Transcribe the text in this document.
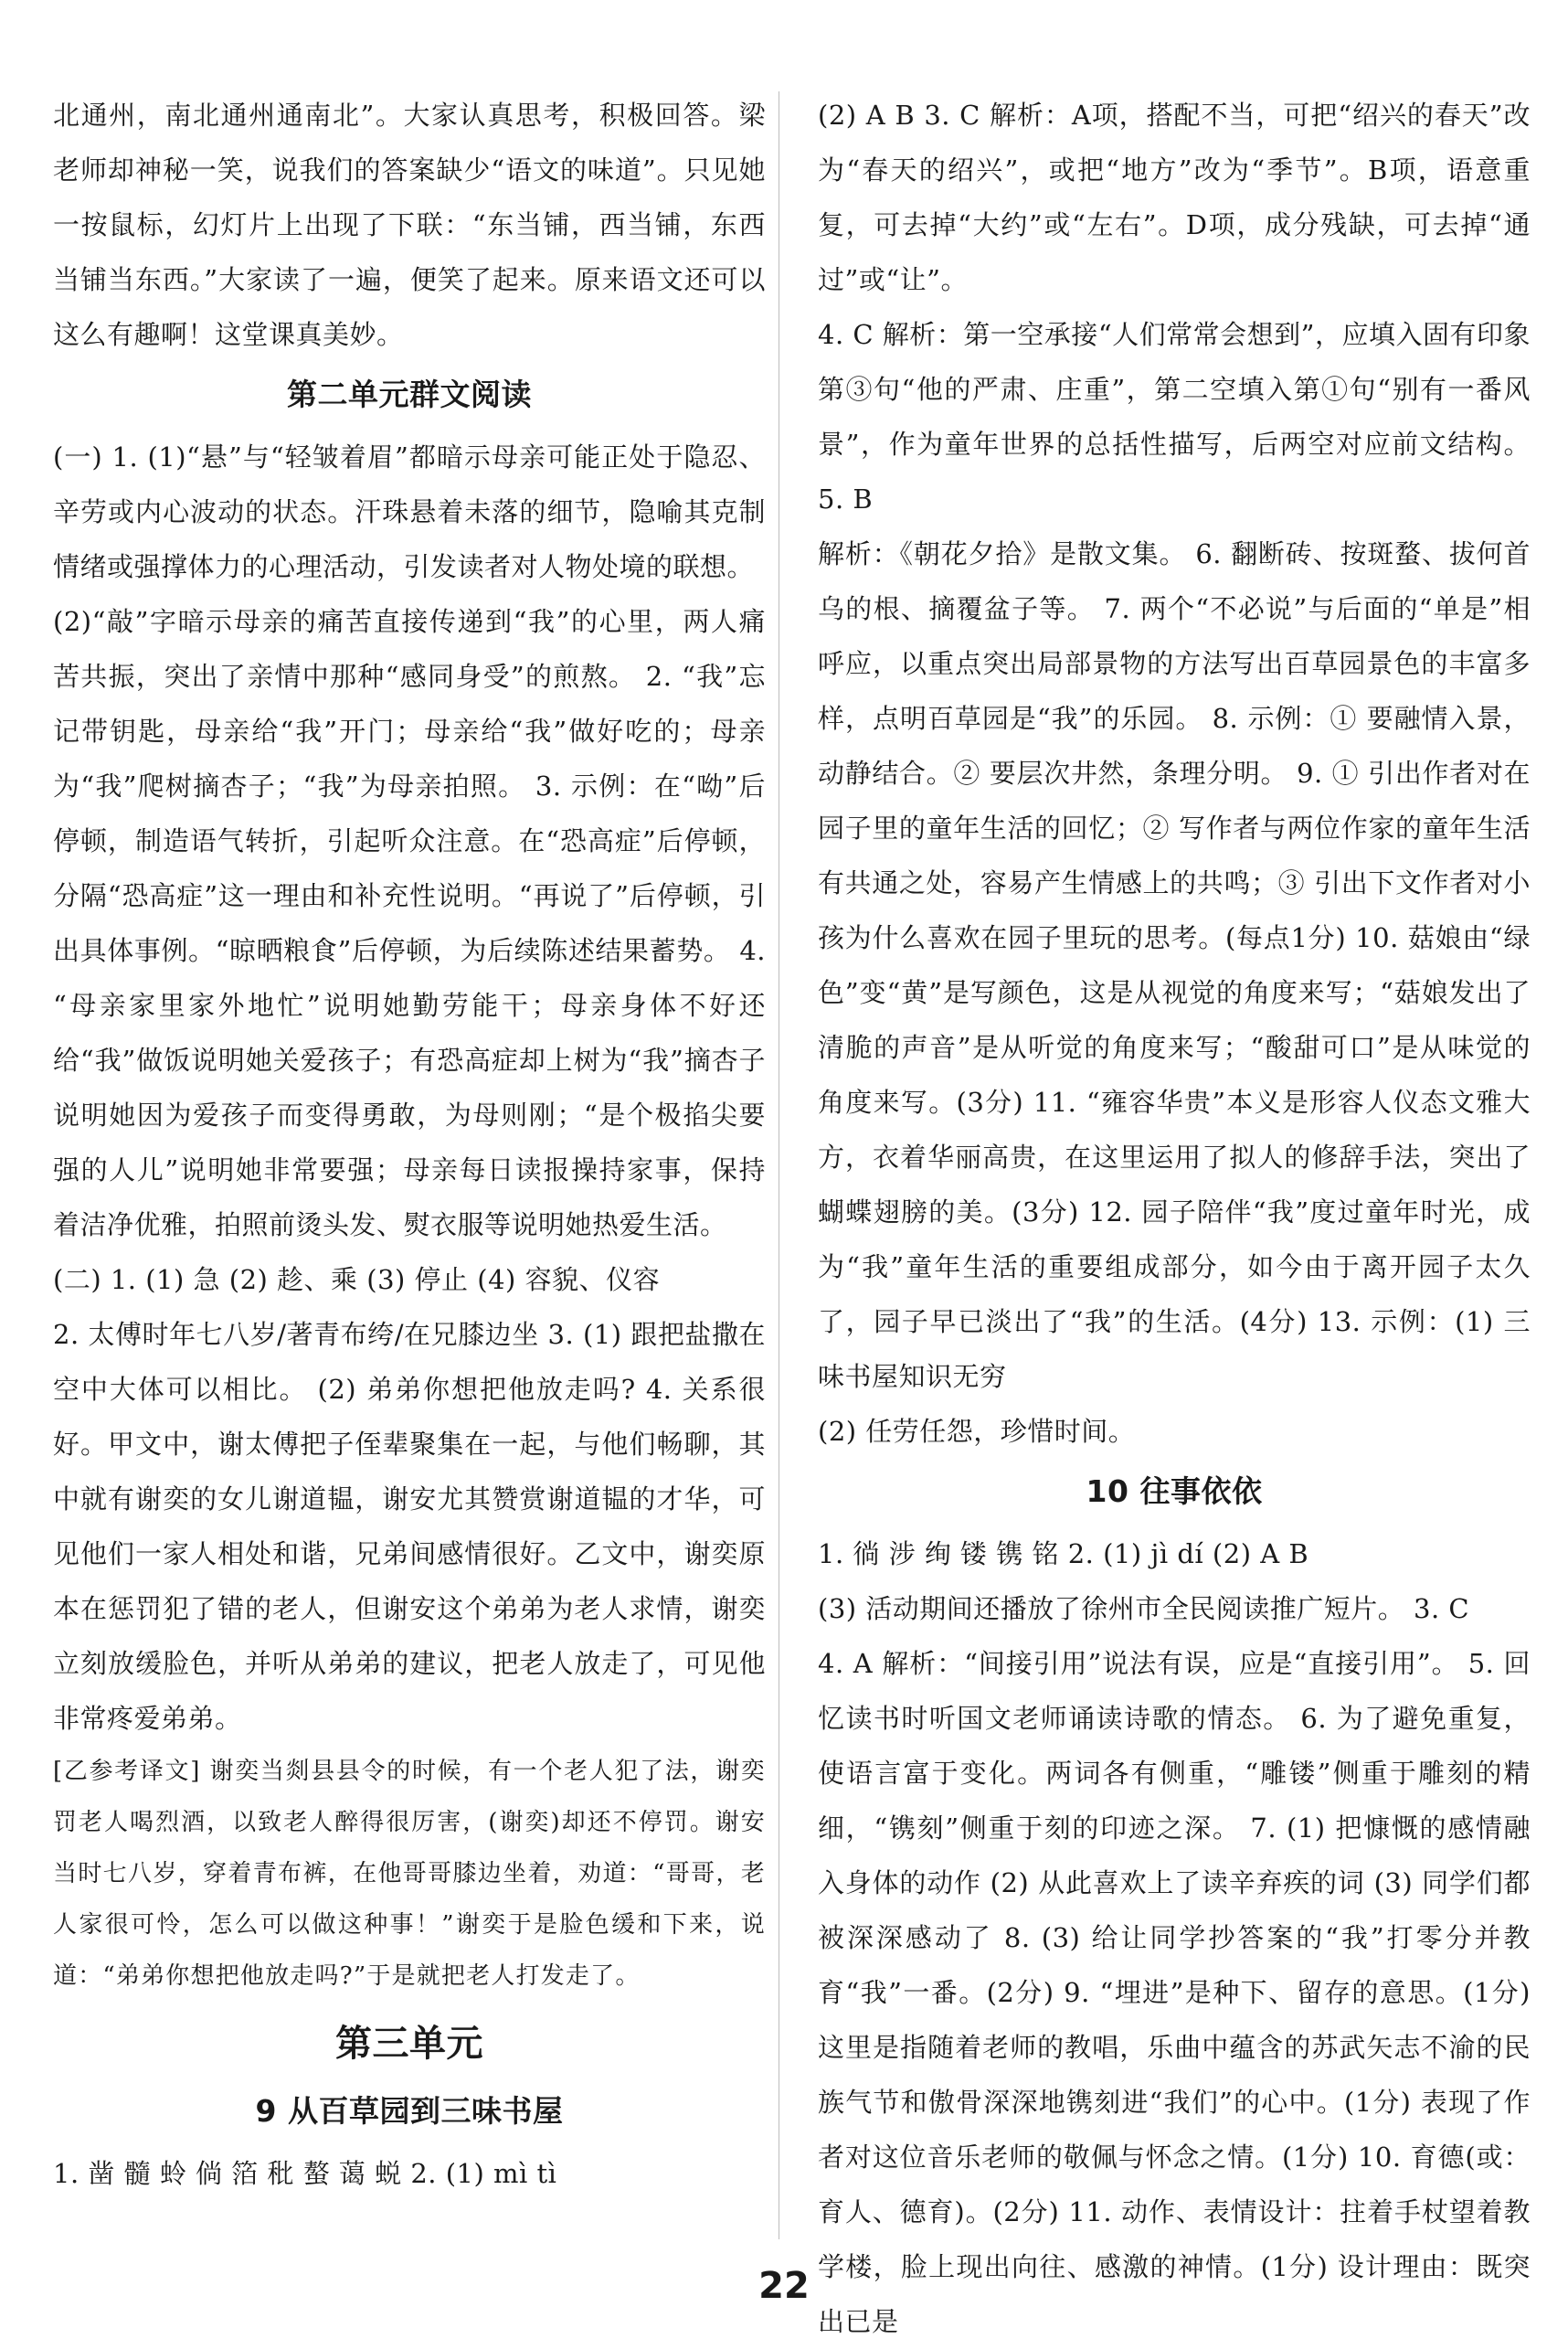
北通州，南北通州通南北”。大家认真思考，积极回答。梁老师却神秘一笑，说我们的答案缺少“语文的味道”。只见她一按鼠标，幻灯片上出现了下联：“东当铺，西当铺，东西当铺当东西。”大家读了一遍，便笑了起来。原来语文还可以这么有趣啊！这堂课真美妙。

第二单元群文阅读

(一) 1. (1)“悬”与“轻皱着眉”都暗示母亲可能正处于隐忍、辛劳或内心波动的状态。汗珠悬着未落的细节，隐喻其克制情绪或强撑体力的心理活动，引发读者对人物处境的联想。

(2)“敲”字暗示母亲的痛苦直接传递到“我”的心里，两人痛苦共振，突出了亲情中那种“感同身受”的煎熬。 2. “我”忘记带钥匙，母亲给“我”开门；母亲给“我”做好吃的；母亲为“我”爬树摘杏子；“我”为母亲拍照。 3. 示例：在“呦”后停顿，制造语气转折，引起听众注意。在“恐高症”后停顿，分隔“恐高症”这一理由和补充性说明。“再说了”后停顿，引出具体事例。“晾晒粮食”后停顿，为后续陈述结果蓄势。 4. “母亲家里家外地忙”说明她勤劳能干；母亲身体不好还给“我”做饭说明她关爱孩子；有恐高症却上树为“我”摘杏子说明她因为爱孩子而变得勇敢，为母则刚；“是个极掐尖要强的人儿”说明她非常要强；母亲每日读报操持家事，保持着洁净优雅，拍照前烫头发、熨衣服等说明她热爱生活。

(二) 1. (1) 急 (2) 趁、乘 (3) 停止 (4) 容貌、仪容

2. 太傅时年七八岁/著青布绔/在兄膝边坐 3. (1) 跟把盐撒在空中大体可以相比。 (2) 弟弟你想把他放走吗? 4. 关系很好。甲文中，谢太傅把子侄辈聚集在一起，与他们畅聊，其中就有谢奕的女儿谢道韫，谢安尤其赞赏谢道韫的才华，可见他们一家人相处和谐，兄弟间感情很好。乙文中，谢奕原本在惩罚犯了错的老人，但谢安这个弟弟为老人求情，谢奕立刻放缓脸色，并听从弟弟的建议，把老人放走了，可见他非常疼爱弟弟。

[乙参考译文] 谢奕当剡县县令的时候，有一个老人犯了法，谢奕罚老人喝烈酒，以致老人醉得很厉害，(谢奕)却还不停罚。谢安当时七八岁，穿着青布裤，在他哥哥膝边坐着，劝道：“哥哥，老人家很可怜，怎么可以做这种事！”谢奕于是脸色缓和下来，说道：“弟弟你想把他放走吗?”于是就把老人打发走了。

第三单元
9 从百草园到三味书屋

1. 凿 髓 蛉 倘 箔 秕 螯 蔼 蜕 2. (1) mì tì

(2) A B 3. C 解析：A项，搭配不当，可把“绍兴的春天”改为“春天的绍兴”，或把“地方”改为“季节”。B项，语意重复，可去掉“大约”或“左右”。D项，成分残缺，可去掉“通过”或“让”。

4. C 解析：第一空承接“人们常常会想到”，应填入固有印象第③句“他的严肃、庄重”，第二空填入第①句“别有一番风景”，作为童年世界的总括性描写，后两空对应前文结构。 5. B

解析：《朝花夕拾》是散文集。 6. 翻断砖、按斑蝥、拔何首乌的根、摘覆盆子等。 7. 两个“不必说”与后面的“单是”相呼应，以重点突出局部景物的方法写出百草园景色的丰富多样，点明百草园是“我”的乐园。 8. 示例：① 要融情入景，动静结合。② 要层次井然，条理分明。 9. ① 引出作者对在园子里的童年生活的回忆；② 写作者与两位作家的童年生活有共通之处，容易产生情感上的共鸣；③ 引出下文作者对小孩为什么喜欢在园子里玩的思考。(每点1分) 10. 菇娘由“绿色”变“黄”是写颜色，这是从视觉的角度来写；“菇娘发出了清脆的声音”是从听觉的角度来写；“酸甜可口”是从味觉的角度来写。(3分) 11. “雍容华贵”本义是形容人仪态文雅大方，衣着华丽高贵，在这里运用了拟人的修辞手法，突出了蝴蝶翅膀的美。(3分) 12. 园子陪伴“我”度过童年时光，成为“我”童年生活的重要组成部分，如今由于离开园子太久了，园子早已淡出了“我”的生活。(4分) 13. 示例：(1) 三味书屋知识无穷

(2) 任劳任怨，珍惜时间。

10 往事依依

1. 徜 涉 绚 镂 镌 铭 2. (1) jì dí (2) A B

(3) 活动期间还播放了徐州市全民阅读推广短片。 3. C

4. A 解析：“间接引用”说法有误，应是“直接引用”。 5. 回忆读书时听国文老师诵读诗歌的情态。 6. 为了避免重复，使语言富于变化。两词各有侧重，“雕镂”侧重于雕刻的精细，“镌刻”侧重于刻的印迹之深。 7. (1) 把慷慨的感情融入身体的动作 (2) 从此喜欢上了读辛弃疾的词 (3) 同学们都被深深感动了 8. (3) 给让同学抄答案的“我”打零分并教育“我”一番。(2分) 9. “埋进”是种下、留存的意思。(1分) 这里是指随着老师的教唱，乐曲中蕴含的苏武矢志不渝的民族气节和傲骨深深地镌刻进“我们”的心中。(1分) 表现了作者对这位音乐老师的敬佩与怀念之情。(1分) 10. 育德(或：育人、德育)。(2分) 11. 动作、表情设计：拄着手杖望着教学楼，脸上现出向往、感激的神情。(1分) 设计理由：既突出已是

22
